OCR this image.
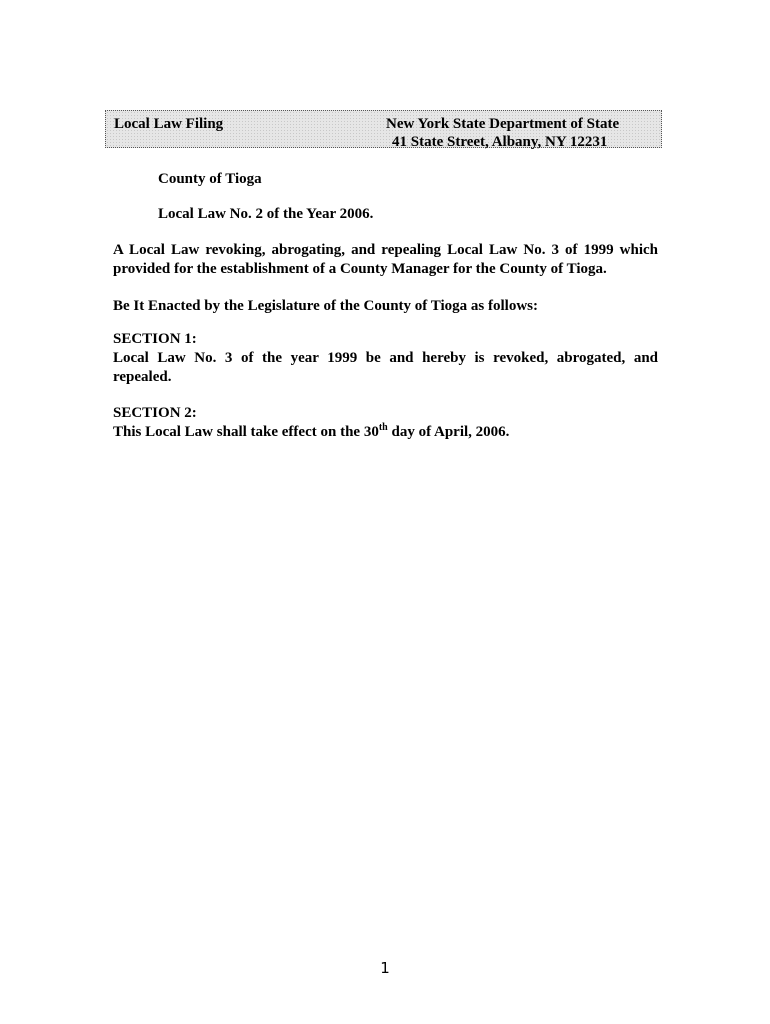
Local Law Filing	New York State Department of State
41 State Street, Albany, NY 12231
County of Tioga
Local Law No. 2 of the Year 2006.
A Local Law revoking, abrogating, and repealing Local Law No. 3 of 1999 which
provided for the establishment of a County Manager for the County of Tioga.
Be It Enacted by the Legislature of the County of Tioga as follows:
SECTION 1:
Local Law No. 3 of the year 1999 be and hereby is revoked, abrogated, and
repealed.
SECTION 2:
This Local Law shall take effect on the 30th day of April, 2006.
1
